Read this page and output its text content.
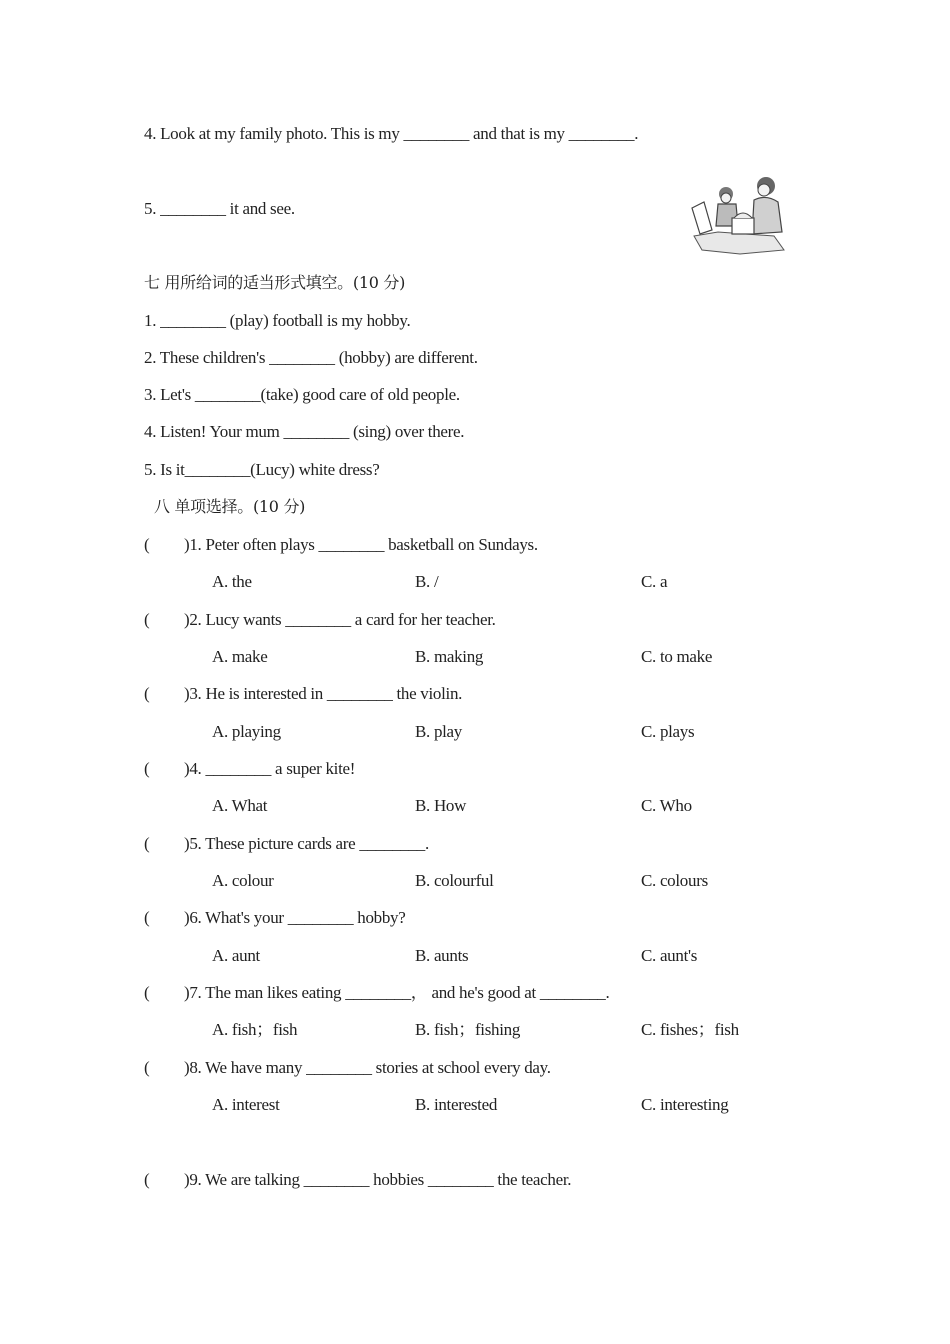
4. Look at my family photo. This is my ________ and that is my ________.
5. ________ it and see.
七 用所给词的适当形式填空。(10 分)
1. ________ (play) football is my hobby.
2. These children's ________ (hobby) are different.
3. Let's ________(take) good care of old people.
4. Listen! Your mum ________ (sing) over there.
5. Is it________(Lucy) white dress?
八 单项选择。(10 分)
( )1. Peter often plays ________ basketball on Sundays.
A. the	B. /	C. a
( )2. Lucy wants ________ a card for her teacher.
A. make	B. making	C. to make
( )3. He is interested in ________ the violin.
A. playing	B. play	C. plays
( )4. ________ a super kite!
A. What	B. How	C. Who
( )5. These picture cards are ________.
A. colour	B. colourful	C. colours
( )6. What's your ________ hobby?
A. aunt	B. aunts	C. aunt's
( )7. The man likes eating ________， and he's good at ________.
A. fish；fish	B. fish；fishing	C. fishes；fish
( )8. We have many ________ stories at school every day.
A. interest	B. interested	C. interesting
( )9. We are talking ________ hobbies ________ the teacher.
